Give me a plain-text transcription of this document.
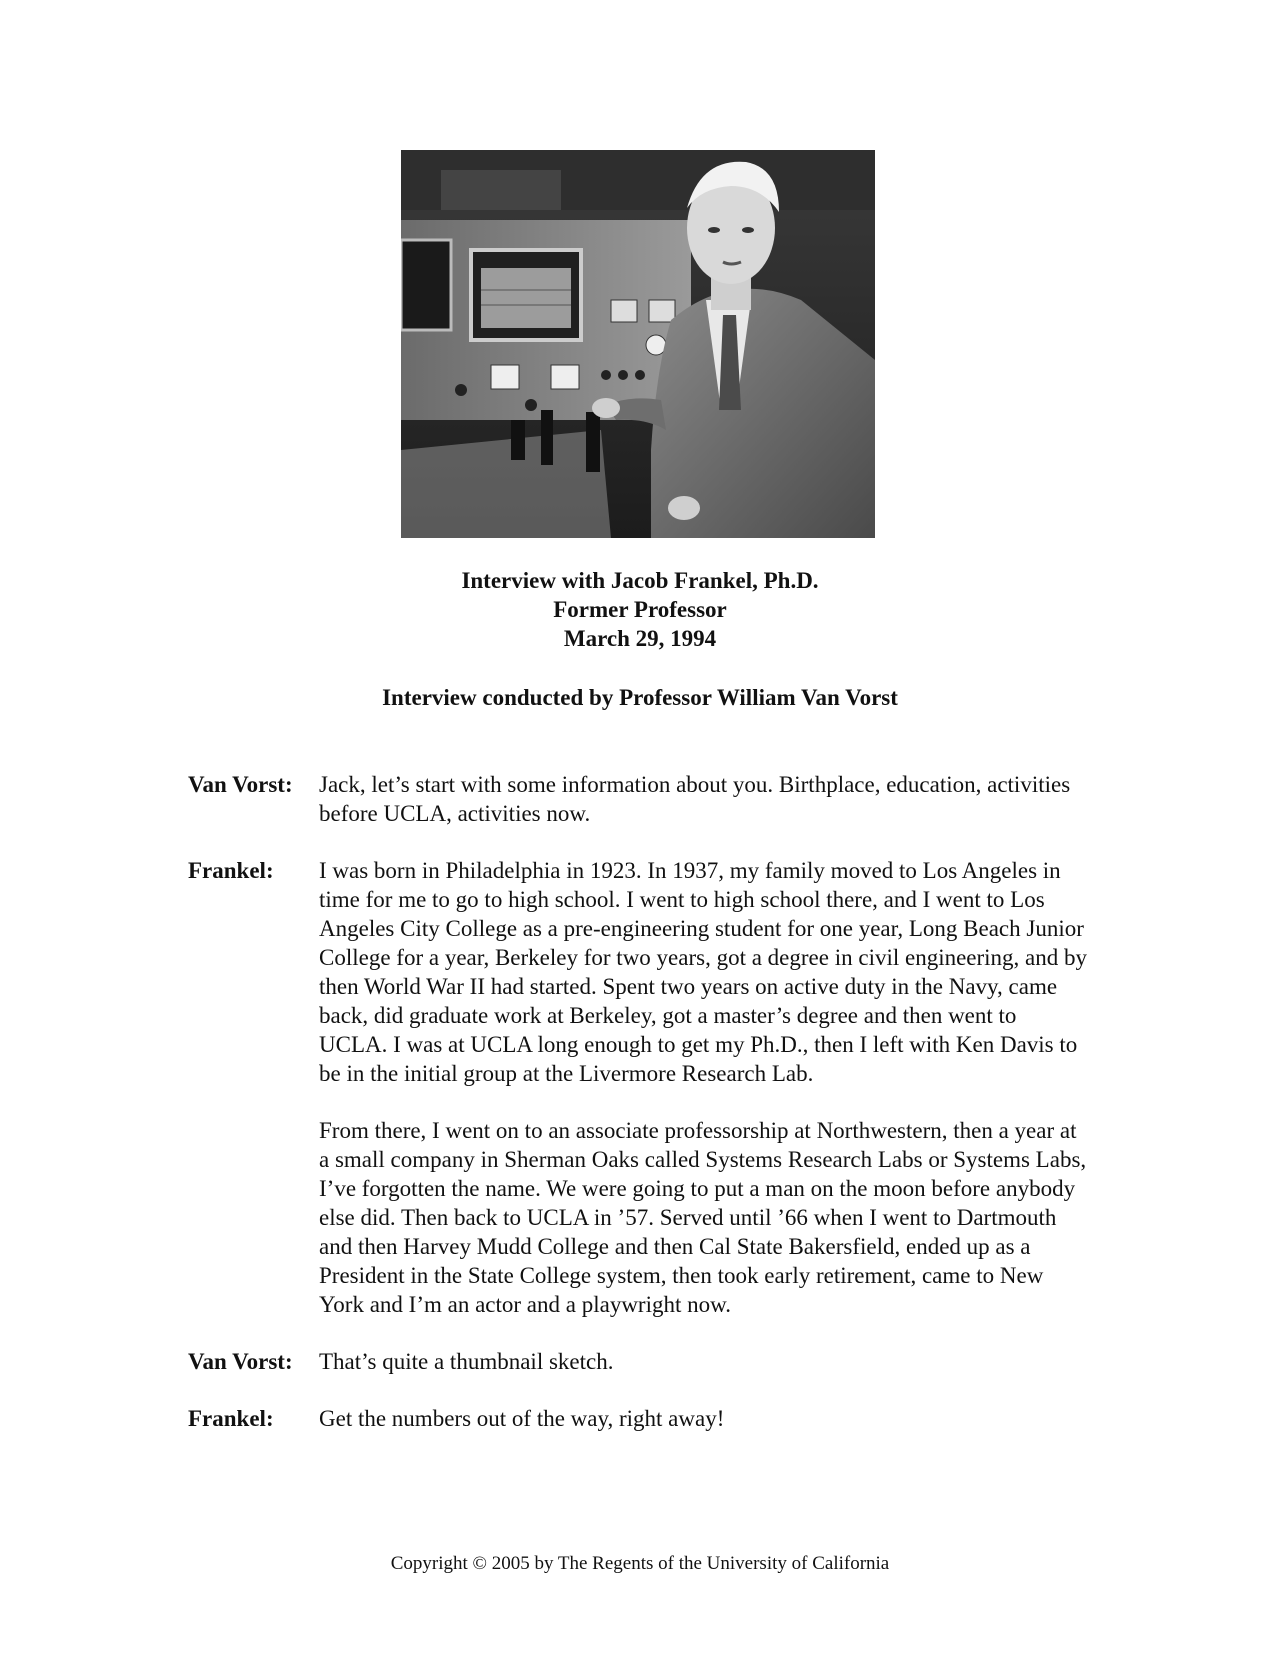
Interview with Jacob Frankel, Ph.D.
Former Professor
March 29, 1994
Interview conducted by Professor William Van Vorst
Van Vorst:	Jack, let’s start with some information about you. Birthplace, education, activities before UCLA, activities now.

Frankel:	I was born in Philadelphia in 1923. In 1937, my family moved to Los Angeles in time for me to go to high school. I went to high school there, and I went to Los Angeles City College as a pre-engineering student for one year, Long Beach Junior College for a year, Berkeley for two years, got a degree in civil engineering, and by then World War II had started. Spent two years on active duty in the Navy, came back, did graduate work at Berkeley, got a master’s degree and then went to UCLA. I was at UCLA long enough to get my Ph.D., then I left with Ken Davis to be in the initial group at the Livermore Research Lab.

From there, I went on to an associate professorship at Northwestern, then a year at a small company in Sherman Oaks called Systems Research Labs or Systems Labs, I’ve forgotten the name. We were going to put a man on the moon before anybody else did. Then back to UCLA in ’57. Served until ’66 when I went to Dartmouth and then Harvey Mudd College and then Cal State Bakersfield, ended up as a President in the State College system, then took early retirement, came to New York and I’m an actor and a playwright now.

Van Vorst:	That’s quite a thumbnail sketch.

Frankel:	Get the numbers out of the way, right away!

Copyright © 2005 by The Regents of the University of California
